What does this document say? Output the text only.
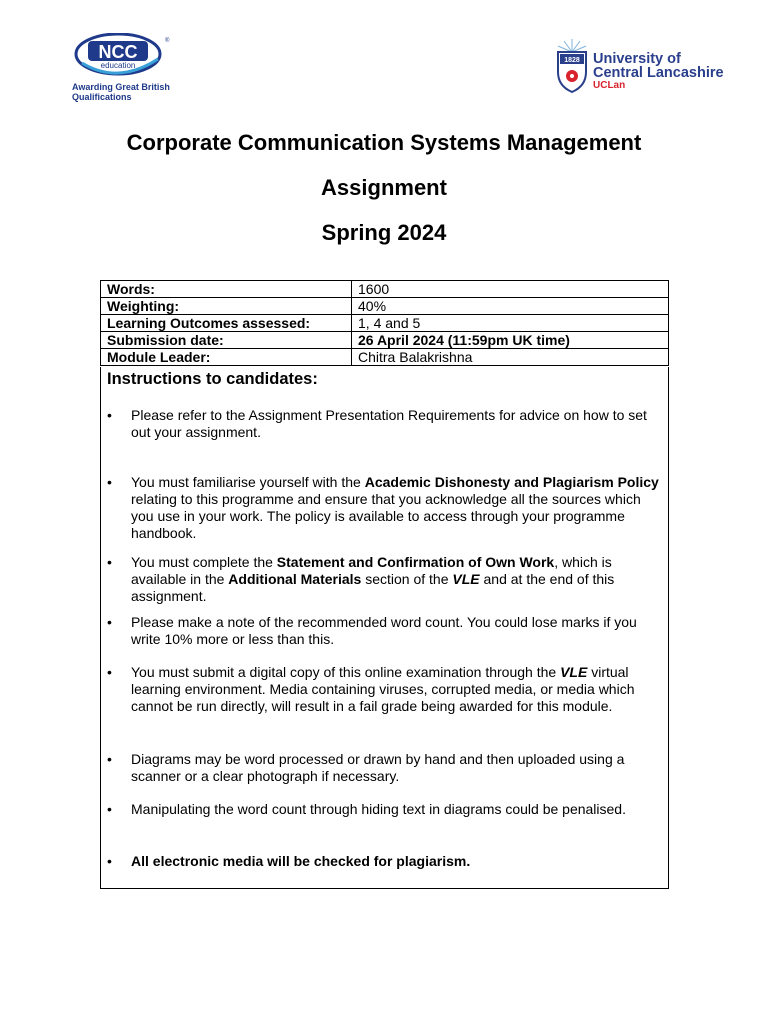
NCC
education
®
Awarding Great British
Qualifications
1828 University of
Central Lancashire
UCLan
Corporate Communication Systems Management
Assignment
Spring 2024
Words:	1600
Weighting:	40%
Learning Outcomes assessed:	1, 4 and 5
Submission date:	26 April 2024 (11:59pm UK time)
Module Leader:	Chitra Balakrishna
Instructions to candidates:
• Please refer to the Assignment Presentation Requirements for advice on how to set out your assignment.
• You must familiarise yourself with the Academic Dishonesty and Plagiarism Policy relating to this programme and ensure that you acknowledge all the sources which you use in your work. The policy is available to access through your programme handbook.
• You must complete the Statement and Confirmation of Own Work, which is available in the Additional Materials section of the VLE and at the end of this assignment.
• Please make a note of the recommended word count. You could lose marks if you write 10% more or less than this.
• You must submit a digital copy of this online examination through the VLE virtual learning environment. Media containing viruses, corrupted media, or media which cannot be run directly, will result in a fail grade being awarded for this module.
• Diagrams may be word processed or drawn by hand and then uploaded using a scanner or a clear photograph if necessary.
• Manipulating the word count through hiding text in diagrams could be penalised.
• All electronic media will be checked for plagiarism.
